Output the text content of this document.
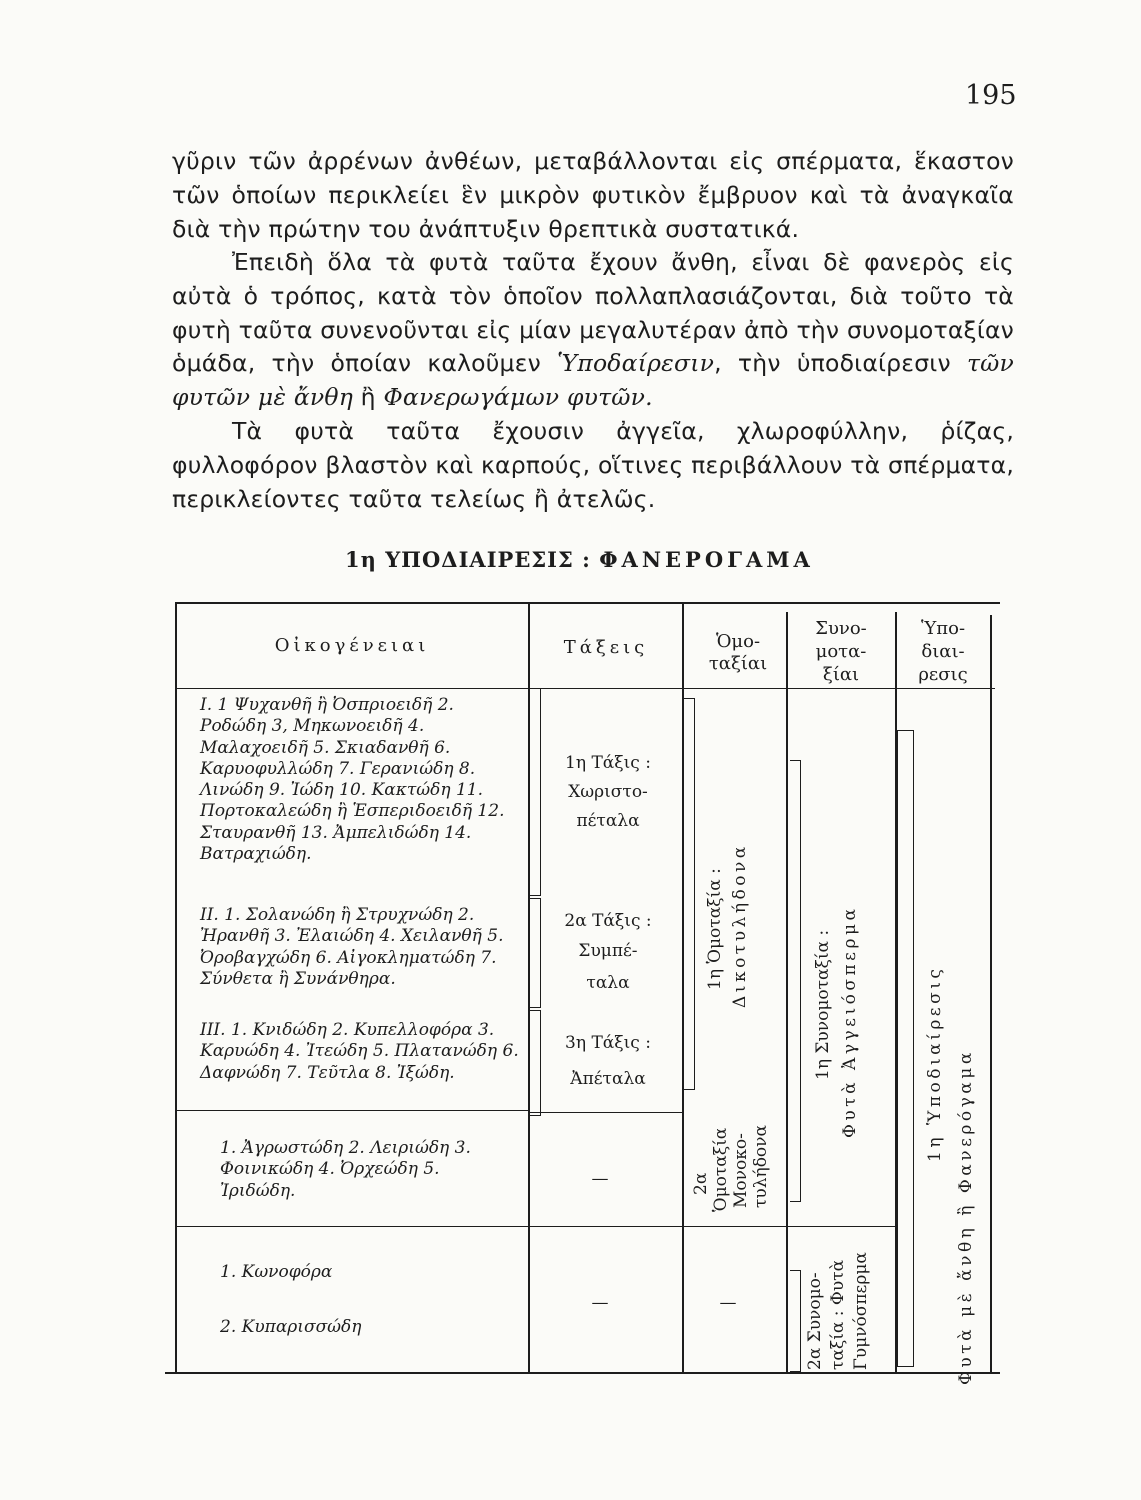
195

γῦριν τῶν ἀρρένων ἀνθέων, μεταβάλλονται εἰς σπέρματα, ἕκαστον τῶν ὁποίων περικλείει ἓν μικρὸν φυτικὸν ἔμβρυον καὶ τὰ ἀναγκαῖα διὰ τὴν πρώτην του ἀνάπτυξιν θρεπτικὰ συστατικά.

Ἐπειδὴ ὅλα τὰ φυτὰ ταῦτα ἔχουν ἄνθη, εἶναι δὲ φανερὸς εἰς αὐτὰ ὁ τρόπος, κατὰ τὸν ὁποῖον πολλαπλασιάζονται, διὰ τοῦτο τὰ φυτὴ ταῦτα συνενοῦνται εἰς μίαν μεγαλυτέραν ἀπὸ τὴν συνομοταξίαν ὁμάδα, τὴν ὁποίαν καλοῦμεν Ὑποδαίρεσιν, τὴν ὑποδιαίρεσιν τῶν φυτῶν μὲ ἄνθη ἢ Φανερωγάμων φυτῶν.

Τὰ φυτὰ ταῦτα ἔχουσιν ἀγγεῖα, χλωροφύλλην, ῥίζας, φυλλοφόρον βλαστὸν καὶ καρπούς, οἵτινες περιβάλλουν τὰ σπέρματα, περικλείοντες ταῦτα τελείως ἢ ἀτελῶς.

1η ΥΠΟΔΙΑΙΡΕΣΙΣ : ΦΑΝΕΡΟΓΑΜΑ
Οἰκογένειαι	Τάξεις	Ὁμο-
ταξίαι
Συνο-
μοτα-
ξίαι
Ὑπο-
διαι-
ρεσις
I. 1 Ψυχανθῆ ἢ Ὀσπριοειδῆ 2. Ροδώδη 3, Μηκωνοειδῆ 4. Μαλαχοειδῆ 5. Σκιαδανθῆ 6. Καρυοφυλλώδη 7. Γερανιώδη 8. Λινώδη 9. Ἰώδη 10. Κακτώδη 11. Πορτοκαλεώδη ἢ Ἑσπεριδοειδῆ 12. Σταυρανθῆ 13. Ἀμπελιδώδη 14. Βατραχιώδη.
II. 1. Σολανώδη ἢ Στρυχνώδη 2. Ἠρανθῆ 3. Ἐλαιώδη 4. Χειλανθῆ 5. Ὀροβαγχώδη 6. Αἰγοκληματώδη 7. Σύνθετα ἢ Συνάνθηρα.
III. 1. Κνιδώδη 2. Κυπελλοφόρα 3. Καρυώδη 4. Ἰτεώδη 5. Πλατανώδη 6. Δαφνώδη 7. Τεῦτλα 8. Ἰξώδη.
1. Ἀγρωστώδη 2. Λειριώδη 3. Φοινικώδη 4. Ὀρχεώδη 5. Ἰριδώδη.
1. Κωνοφόρα
2. Κυπαρισσώδη
1η Τάξις :
Χωριστο-
πέταλα
2α Τάξις :
Συμπέ-
ταλα
3η Τάξις :
Ἀπέταλα
—
—
1η Ὁμοταξία : Δικοτυλήδονα
2α Ὁμοταξία Μονοκο- τυλήδονα
—
1η Συνομοταξία : Φυτὰ Ἀγγειόσπερμα
2α Συνομο- ταξία : Φυτὰ Γυμνόσπερμα
1η Ὑποδιαίρεσις Φυτὰ μὲ ἄνθη ἢ Φανερόγαμα
